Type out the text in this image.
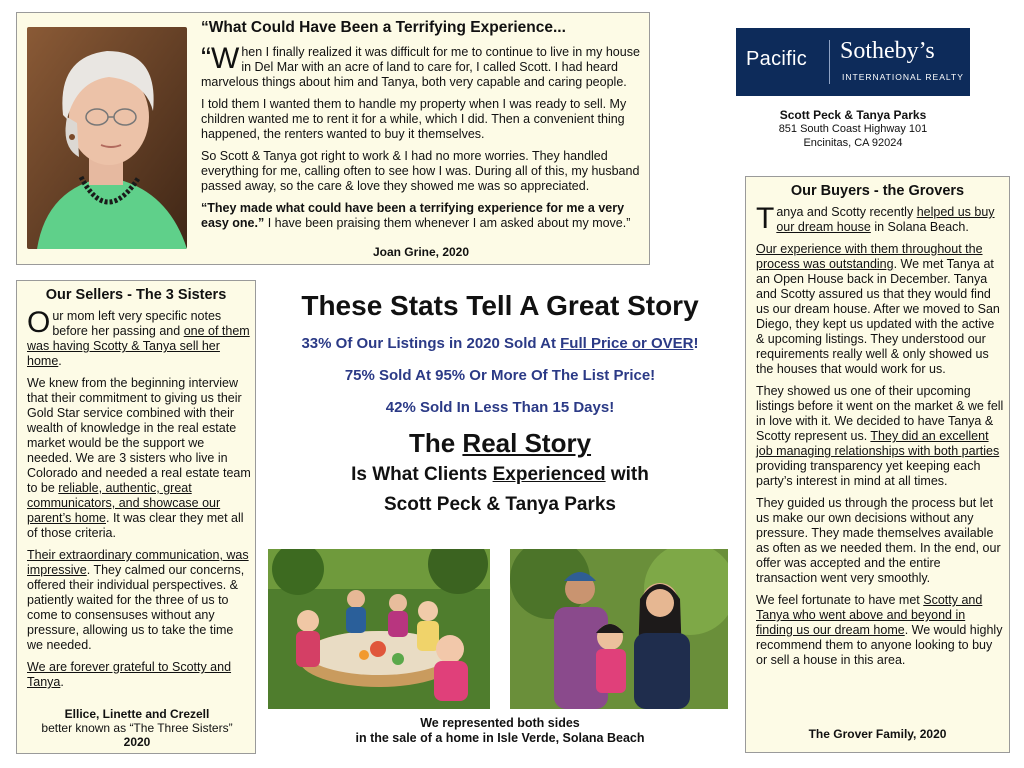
“What Could Have Been a Terrifying Experience...

“W hen I finally realized it was difficult for me to continue to live in my house in Del Mar with an acre of land to care for, I called Scott. I had heard marvelous things about him and Tanya, both very capable and caring people.

I told them I wanted them to handle my property when I was ready to sell. My children wanted me to rent it for a while, which I did. Then a convenient thing happened, the renters wanted to buy it themselves.

So Scott & Tanya got right to work & I had no more worries. They handled everything for me, calling often to see how I was. During all of this, my husband passed away, so the care & love they showed me was so appreciated.

“They made what could have been a terrifying experience for me a very easy one.” I have been praising them whenever I am asked about my move.”

Joan Grine, 2020
Pacific Sotheby’s
INTERNATIONAL REALTY
Scott Peck & Tanya Parks
851 South Coast Highway 101
Encinitas, CA 92024
Our Sellers - The 3 Sisters

Our mom left very specific notes before her passing and one of them was having Scotty & Tanya sell her home.

We knew from the beginning interview that their commitment to giving us their Gold Star service combined with their wealth of knowledge in the real estate market would be the support we needed. We are 3 sisters who live in Colorado and needed a real estate team to be reliable, authentic, great communicators, and showcase our parent’s home. It was clear they met all of those criteria.

Their extraordinary communication, was impressive. They calmed our concerns, offered their individual perspectives. & patiently waited for the three of us to come to consensuses without any pressure, allowing us to take the time we needed.

We are forever grateful to Scotty and Tanya.

Ellice, Linette and Crezell
better known as “The Three Sisters”
2020
These Stats Tell A Great Story
33% Of Our Listings in 2020 Sold At Full Price or OVER!
75% Sold At 95% Or More Of The List Price!
42% Sold In Less Than 15 Days!
The Real Story
Is What Clients Experienced with
Scott Peck & Tanya Parks
We represented both sides
in the sale of a home in Isle Verde, Solana Beach
Our Buyers - the Grovers

Tanya and Scotty recently helped us buy our dream house in Solana Beach.

Our experience with them throughout the process was outstanding. We met Tanya at an Open House back in December. Tanya and Scotty assured us that they would find us our dream house. After we moved to San Diego, they kept us updated with the active & upcoming listings. They understood our requirements really well & only showed us the houses that would work for us.

They showed us one of their upcoming listings before it went on the market & we fell in love with it. We decided to have Tanya & Scotty represent us. They did an excellent job managing relationships with both parties providing transparency yet keeping each party’s interest in mind at all times.

They guided us through the process but let us make our own decisions without any pressure. They made themselves available as often as we needed them. In the end, our offer was accepted and the entire transaction went very smoothly.

We feel fortunate to have met Scotty and Tanya who went above and beyond in finding us our dream home. We would highly recommend them to anyone looking to buy or sell a house in this area.

The Grover Family, 2020
